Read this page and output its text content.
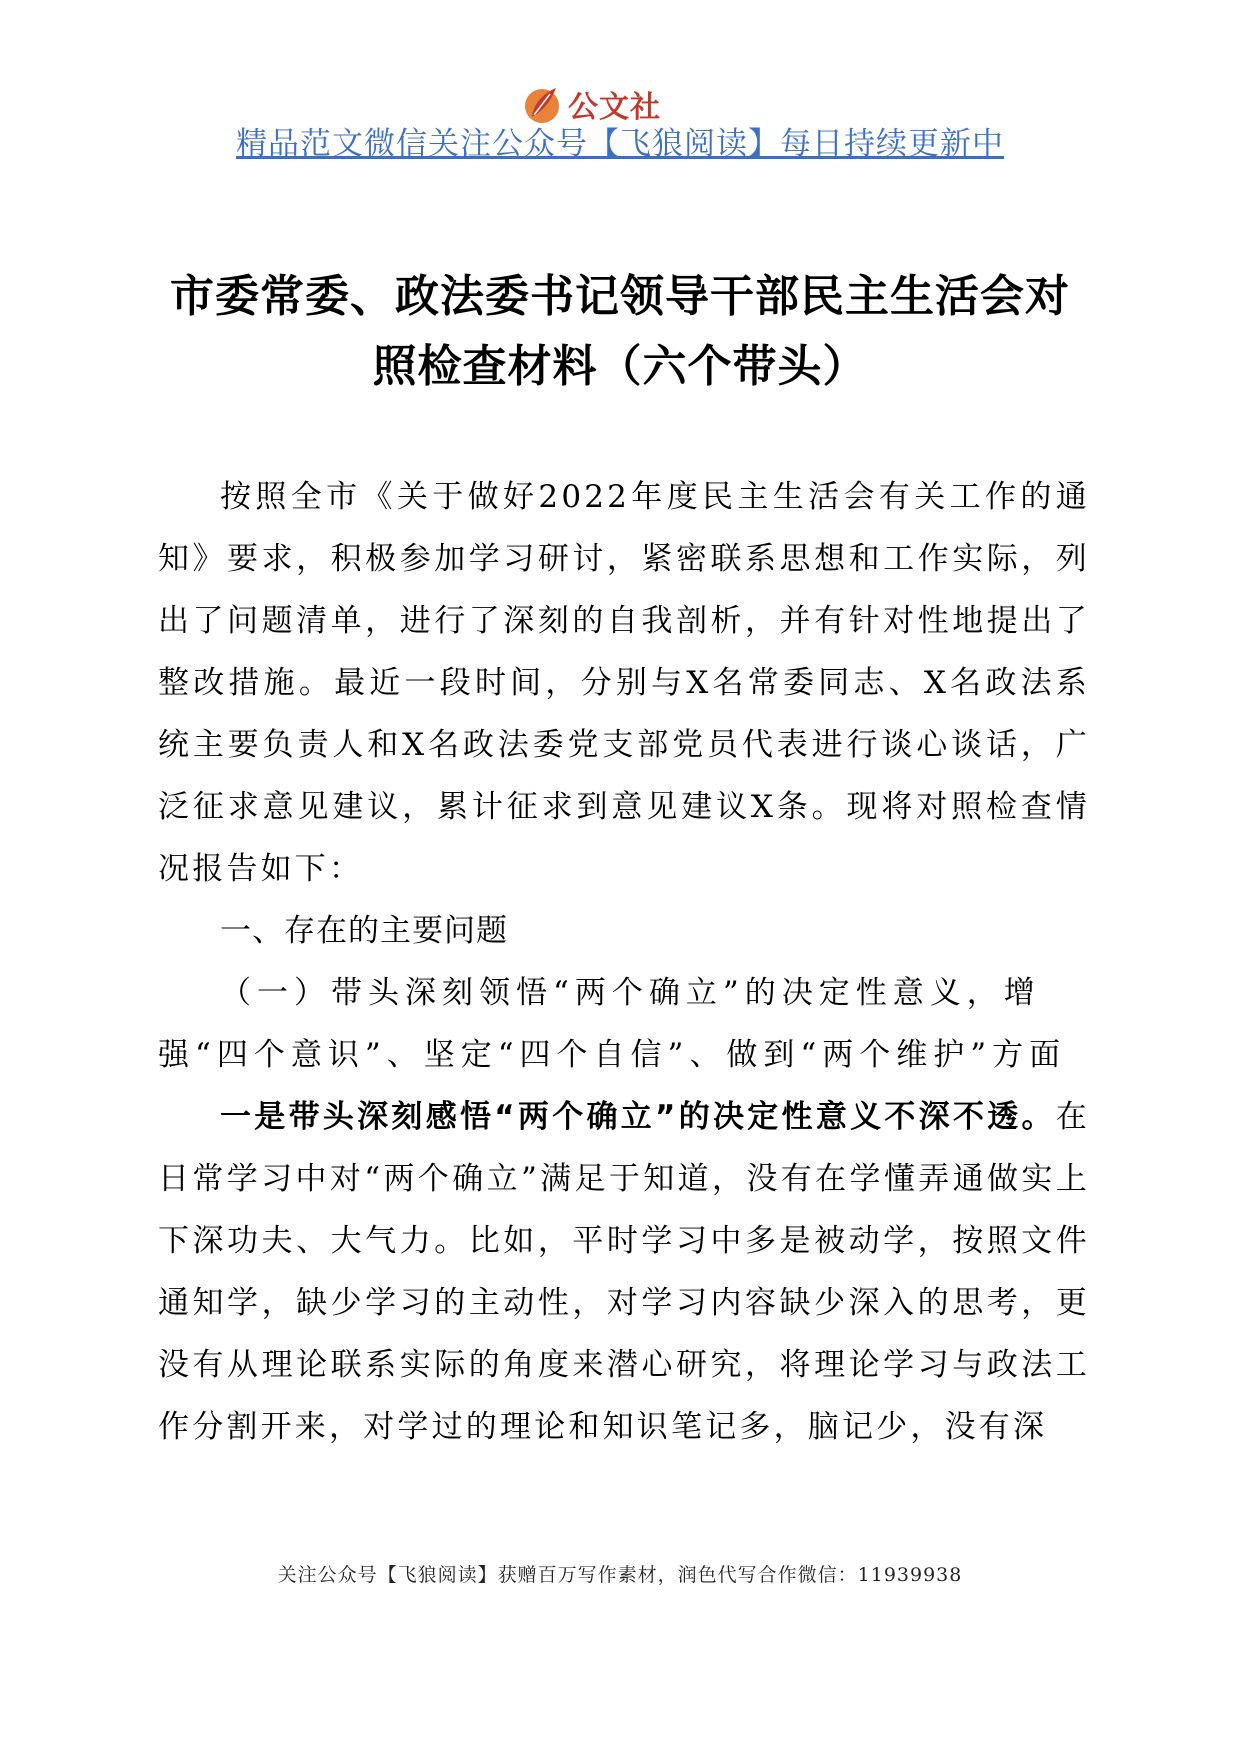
公文社
精品范文微信关注公众号【飞狼阅读】每日持续更新中
市委常委、政法委书记领导干部民主生活会对
照检查材料（六个带头）

按照全市《关于做好2022年度民主生活会有关工作的通知》要求，积极参加学习研讨，紧密联系思想和工作实际，列出了问题清单，进行了深刻的自我剖析，并有针对性地提出了整改措施。最近一段时间，分别与X名常委同志、X名政法系统主要负责人和X名政法委党支部党员代表进行谈心谈话，广泛征求意见建议，累计征求到意见建议X条。现将对照检查情况报告如下：

一、存在的主要问题

（一）带头深刻领悟“两个确立”的决定性意义，增强“四个意识”、坚定“四个自信”、做到“两个维护”方面

一是带头深刻感悟“两个确立”的决定性意义不深不透。在日常学习中对“两个确立”满足于知道，没有在学懂弄通做实上下深功夫、大气力。比如，平时学习中多是被动学，按照文件通知学，缺少学习的主动性，对学习内容缺少深入的思考，更没有从理论联系实际的角度来潜心研究，将理论学习与政法工作分割开来，对学过的理论和知识笔记多，脑记少，没有深

关注公众号【飞狼阅读】获赠百万写作素材，润色代写合作微信：11939938
